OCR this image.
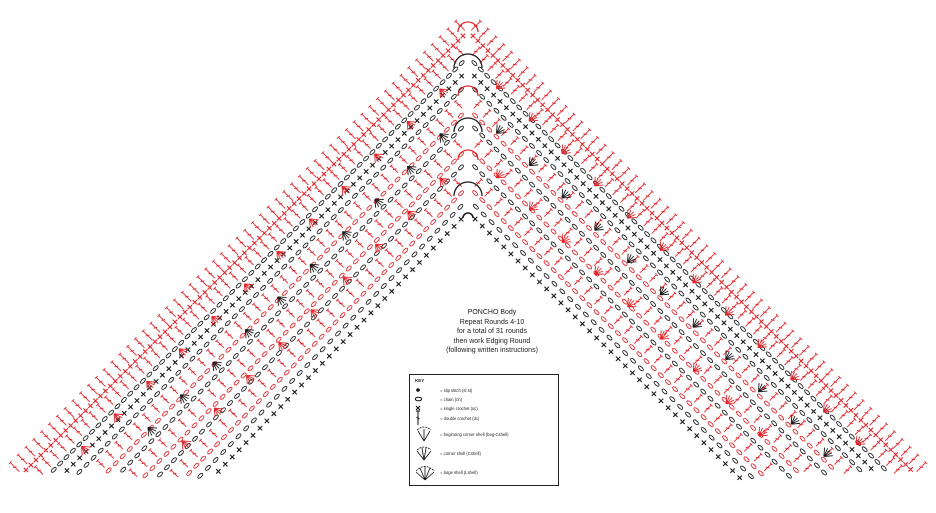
PONCHO Body
Repeat Rounds 4-10
for a total of 31 rounds
then work Edging Round
(following written instructions)
KEY
= slip stitch (sl st)
= chain (ch)
= single crochet (sc)
= double crochet (dc)
= beginning corner shell (beg-Cshell)
= corner shell (Cshell)
= large shell (Lshell)
